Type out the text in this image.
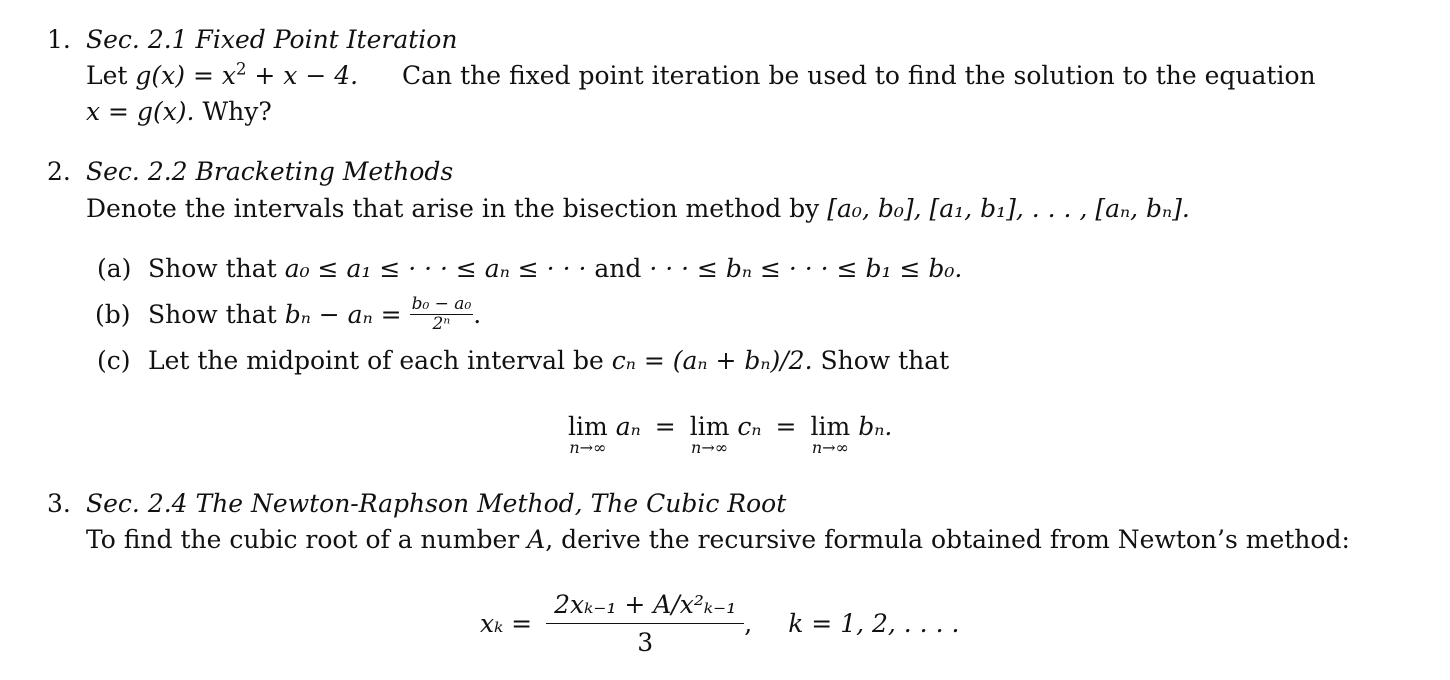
1. Sec. 2.1 Fixed Point Iteration
Let $g(x) = x^2 + x - 4$. Can the fixed point iteration be used to find the solution to the equation
x = g(x). Why?
2. Sec. 2.2 Bracketing Methods
Denote the intervals that arise in the bisection method by [a₀, b₀], [a₁, b₁], . . . , [aₙ, bₙ].
(a) Show that a₀ ≤ a₁ ≤ · · · ≤ aₙ ≤ · · · and · · · ≤ bₙ ≤ · · · ≤ b₁ ≤ b₀.
(b) Show that
bₙ − aₙ =
$\frac{\text{b₀ − a₀}}{\text{2ⁿ}}$ .
(c) Let the midpoint of each interval be cₙ = (aₙ + bₙ)/2. Show that
lim
n→∞
aₙ = lim
n→∞
cₙ = lim
n→∞
bₙ.
3. Sec. 2.4 The Newton-Raphson Method, The Cubic Root
To find the cubic root of a number A, derive the recursive formula obtained from Newton’s method:
$x_k = \frac{\text{2xₖ₋₁ + A/x²ₖ₋₁}}{3}$ , k = 1, 2, . . . .
